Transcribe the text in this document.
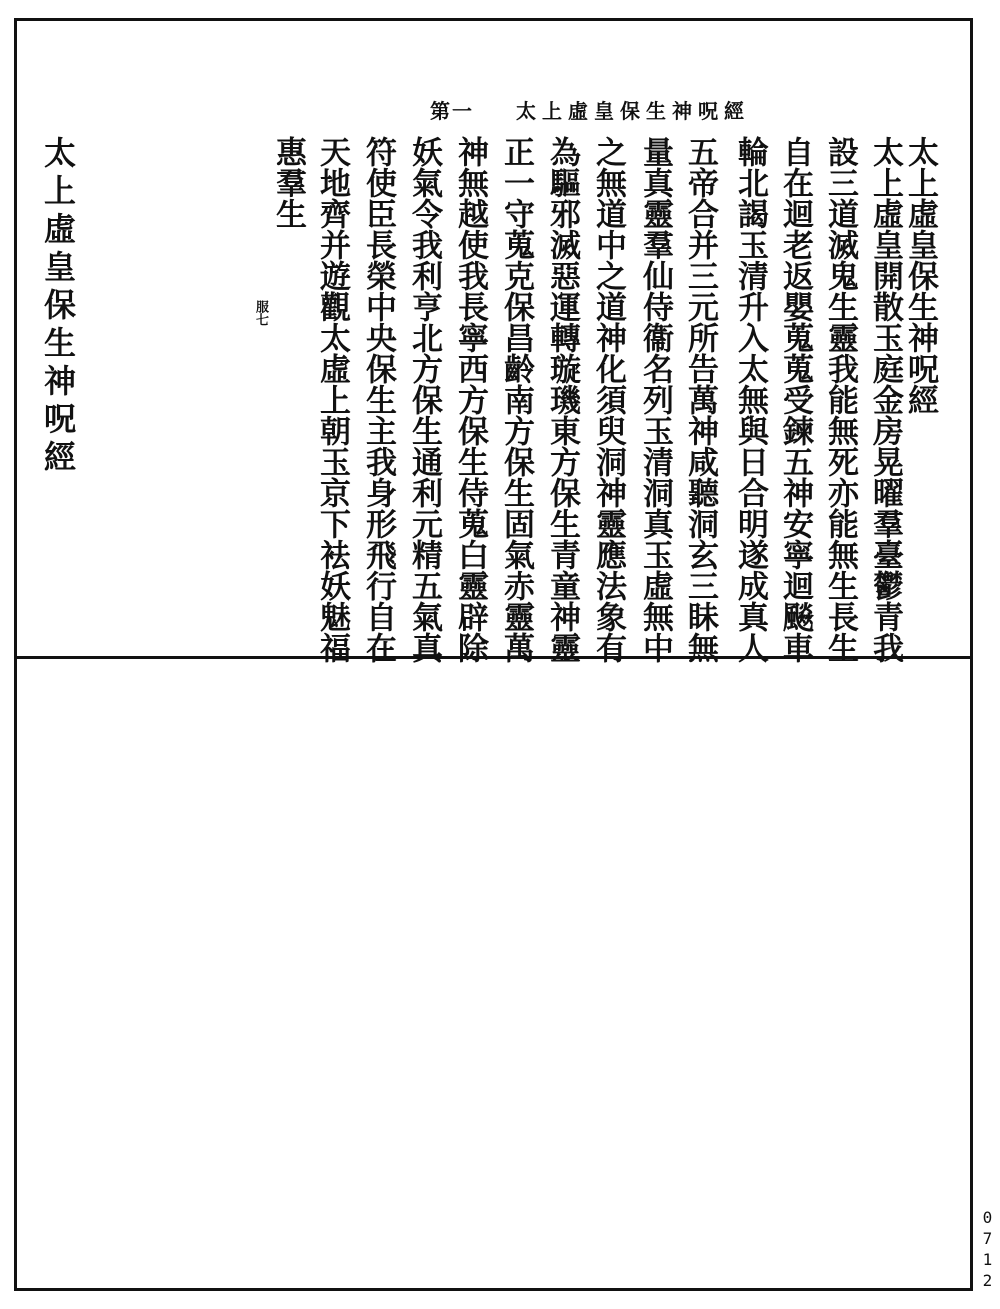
第一 太上虛皇保生神呪經
太上虛皇保生神呪經
太上虛皇開散玉庭金房晃曜羣臺鬱青我
設三道滅鬼生靈我能無死亦能無生長生
自在迴老返嬰蒐蒐受鍊五神安寧迴飈車
輪北謁玉清升入太無與日合明遂成真人
五帝合并三元所告萬神咸聽洞玄三眛無
量真靈羣仙侍衞名列玉清洞真玉虛無中
之無道中之道神化須臾洞神靈應法象有
為驅邪滅惡運轉璇璣東方保生青童神靈
正一守蒐克保昌齡南方保生固氣赤靈萬
神無越使我長寧西方保生侍蒐白靈辟除
妖氣令我利亨北方保生通利元精五氣真
符使臣長榮中央保生主我身形飛行自在
天地齊并遊觀太虛上朝玉京下袪妖魅福
惠羣生
服七
太上虛皇保生神呪經
0712
